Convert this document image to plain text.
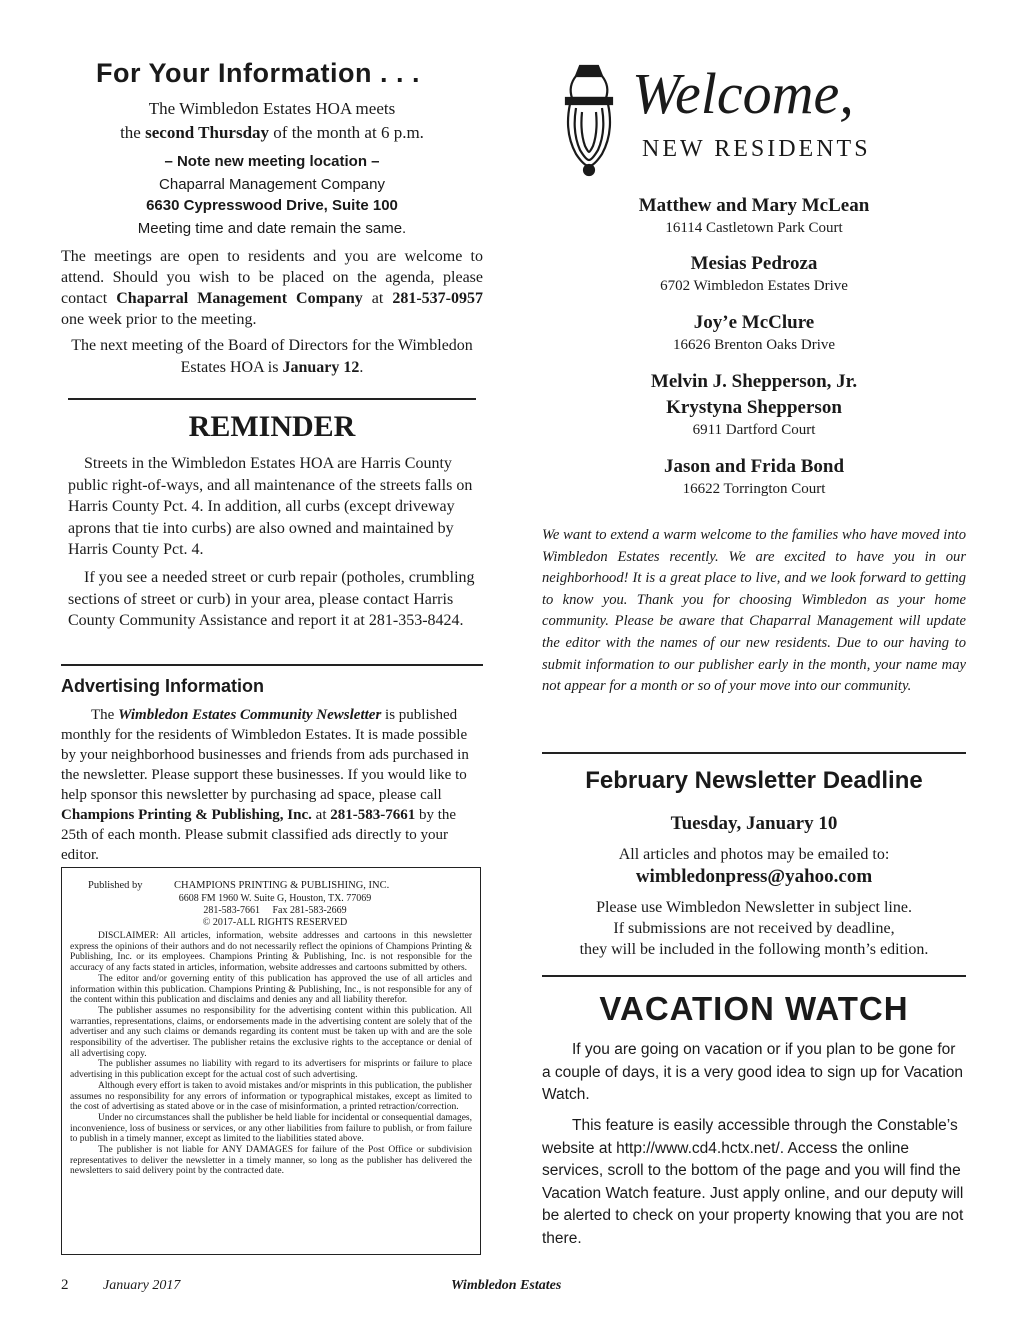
For Your Information . . .
The Wimbledon Estates HOA meets
the second Thursday of the month at 6 p.m.
– Note new meeting location –
Chaparral Management Company
6630 Cypresswood Drive, Suite 100
Meeting time and date remain the same.
The meetings are open to residents and you are welcome to attend. Should you wish to be placed on the agenda, please contact Chaparral Management Company at 281-537-0957 one week prior to the meeting.
The next meeting of the Board of Directors for the Wimbledon Estates HOA is January 12.
REMINDER
Streets in the Wimbledon Estates HOA are Harris County public right-of-ways, and all maintenance of the streets falls on Harris County Pct. 4. In addition, all curbs (except driveway aprons that tie into curbs) are also owned and maintained by Harris County Pct. 4.
If you see a needed street or curb repair (potholes, crumbling sections of street or curb) in your area, please contact Harris County Community Assistance and report it at 281-353-8424.
Advertising Information
The Wimbledon Estates Community Newsletter is published monthly for the residents of Wimbledon Estates. It is made possible by your neighborhood businesses and friends from ads purchased in the newsletter. Please support these businesses. If you would like to help sponsor this newsletter by purchasing ad space, please call Champions Printing & Publishing, Inc. at 281-583-7661 by the 25th of each month. Please submit classified ads directly to your editor.
Published by	CHAMPIONS PRINTING & PUBLISHING, INC.
6608 FM 1960 W. Suite G, Houston, TX. 77069
281-583-7661     Fax 281-583-2669
© 2017-ALL RIGHTS RESERVED

DISCLAIMER: All articles, information, website addresses and cartoons in this newsletter express the opinions of their authors and do not necessarily reflect the opinions of Champions Printing & Publishing, Inc. or its employees. Champions Printing & Publishing, Inc. is not responsible for the accuracy of any facts stated in articles, information, website addresses and cartoons submitted by others.

The editor and/or governing entity of this publication has approved the use of all articles and information within this publication. Champions Printing & Publishing, Inc., is not responsible for any of the content within this publication and disclaims and denies any and all liability therefor.

The publisher assumes no responsibility for the advertising content within this publication. All warranties, representations, claims, or endorsements made in the advertising content are solely that of the advertiser and any such claims or demands regarding its content must be taken up with and are the sole responsibility of the advertiser. The publisher retains the exclusive rights to the acceptance or denial of all advertising copy.

The publisher assumes no liability with regard to its advertisers for misprints or failure to place advertising in this publication except for the actual cost of such advertising.

Although every effort is taken to avoid mistakes and/or misprints in this publication, the publisher assumes no responsibility for any errors of information or typographical mistakes, except as limited to the cost of advertising as stated above or in the case of misinformation, a printed retraction/correction.

Under no circumstances shall the publisher be held liable for incidental or consequential damages, inconvenience, loss of business or services, or any other liabilities from failure to publish, or from failure to publish in a timely manner, except as limited to the liabilities stated above.

The publisher is not liable for ANY DAMAGES for failure of the Post Office or subdivision representatives to deliver the newsletter in a timely manner, so long as the publisher has delivered the newsletters to said delivery point by the contracted date.

Welcome,
NEW RESIDENTS
Matthew and Mary McLean
16114 Castletown Park Court
Mesias Pedroza
6702 Wimbledon Estates Drive
Joy’e McClure
16626 Brenton Oaks Drive
Melvin J. Shepperson, Jr.
Krystyna Shepperson
6911 Dartford Court
Jason and Frida Bond
16622 Torrington Court
We want to extend a warm welcome to the families who have moved into Wimbledon Estates recently. We are excited to have you in our neighborhood! It is a great place to live, and we look forward to getting to know you. Thank you for choosing Wimbledon as your home community. Please be aware that Chaparral Management will update the editor with the names of our new residents. Due to our having to submit information to our publisher early in the month, your name may not appear for a month or so of your move into our community.
February Newsletter Deadline
Tuesday, January 10
All articles and photos may be emailed to:
wimbledonpress@yahoo.com
Please use Wimbledon Newsletter in subject line.
If submissions are not received by deadline,
they will be included in the following month’s edition.
VACATION WATCH
If you are going on vacation or if you plan to be gone for a couple of days, it is a very good idea to sign up for Vacation Watch.
This feature is easily accessible through the Constable’s website at http://www.cd4.hctx.net/. Access the online services, scroll to the bottom of the page and you will find the Vacation Watch feature. Just apply online, and our deputy will be alerted to check on your property knowing that you are not there.
2 January 2017	Wimbledon Estates
